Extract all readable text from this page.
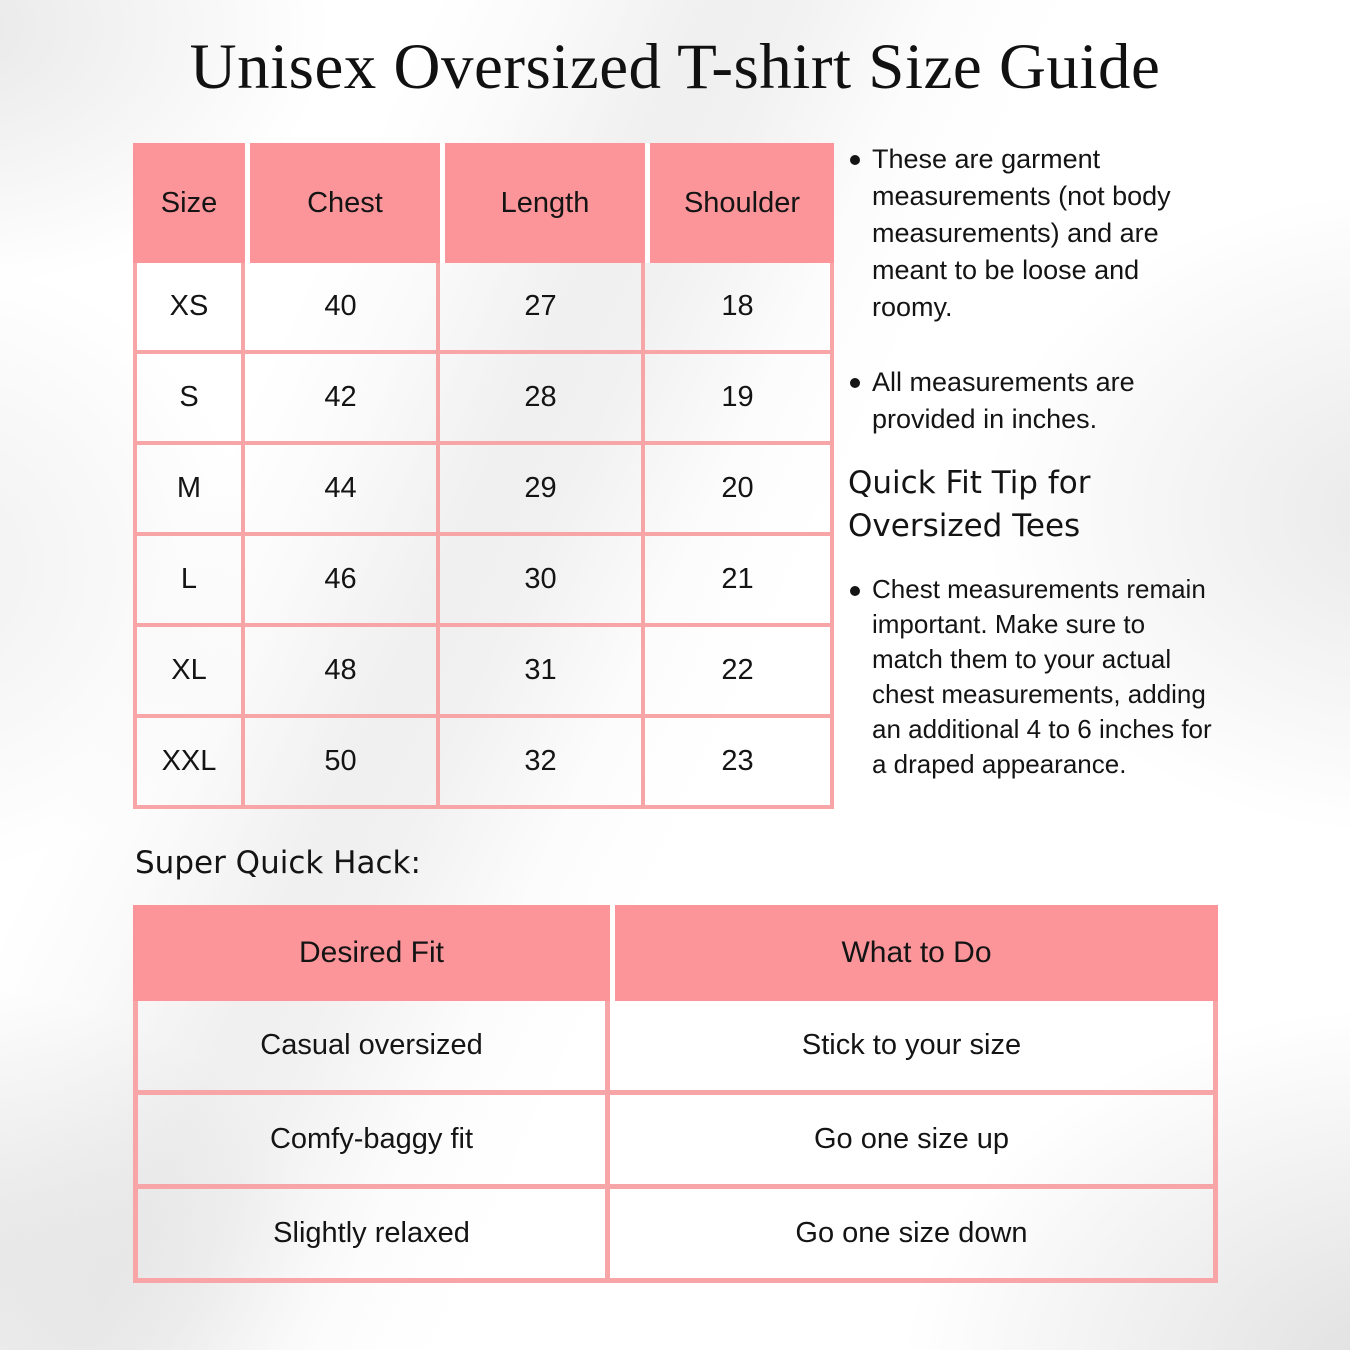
Unisex Oversized T-shirt Size Guide
Size	Chest	Length	Shoulder
XS	40	27	18
S	42	28	19
M	44	29	20
L	46	30	21
XL	48	31	22
XXL	50	32	23
These are garment measurements (not body measurements) and are meant to be loose and roomy.
All measurements are provided in inches.
Quick Fit Tip for Oversized Tees
Chest measurements remain important. Make sure to match them to your actual chest measurements, adding an additional 4 to 6 inches for a draped appearance.
Super Quick Hack:
Desired Fit	What to Do
Casual oversized	Stick to your size
Comfy-baggy fit	Go one size up
Slightly relaxed	Go one size down
